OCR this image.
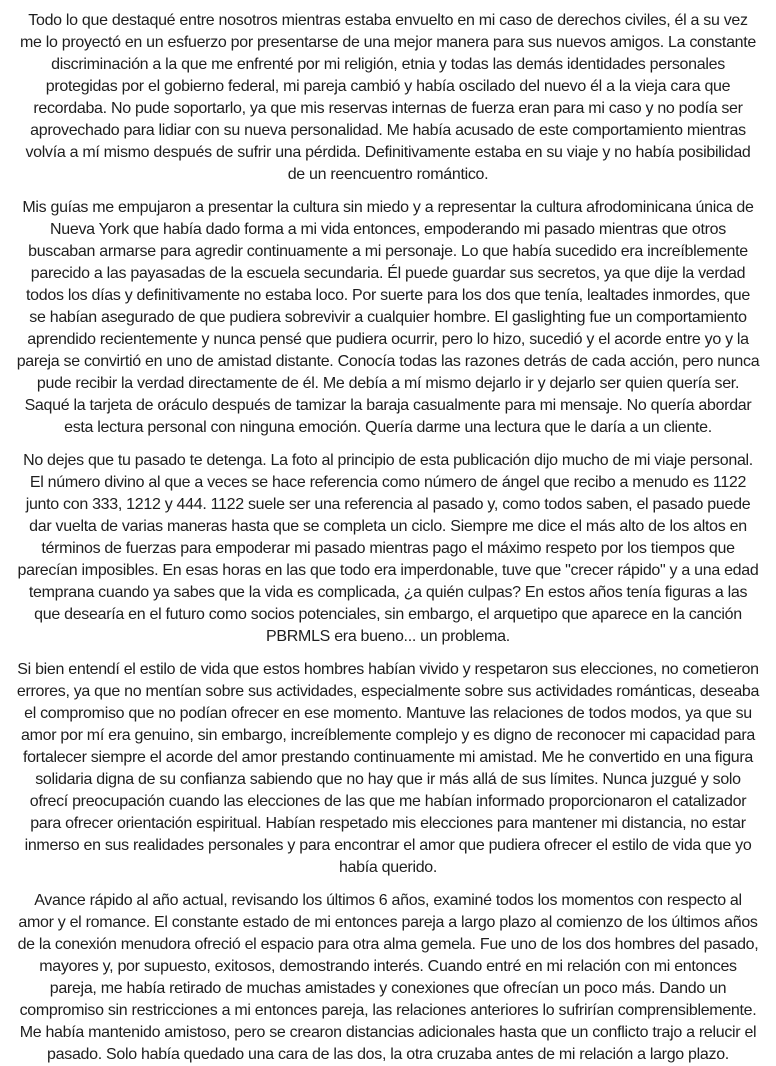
Todo lo que destaqué entre nosotros mientras estaba envuelto en mi caso de derechos civiles, él a su vez me lo proyectó en un esfuerzo por presentarse de una mejor manera para sus nuevos amigos. La constante discriminación a la que me enfrenté por mi religión, etnia y todas las demás identidades personales protegidas por el gobierno federal, mi pareja cambió y había oscilado del nuevo él a la vieja cara que recordaba. No pude soportarlo, ya que mis reservas internas de fuerza eran para mi caso y no podía ser aprovechado para lidiar con su nueva personalidad. Me había acusado de este comportamiento mientras volvía a mí mismo después de sufrir una pérdida. Definitivamente estaba en su viaje y no había posibilidad de un reencuentro romántico.

Mis guías me empujaron a presentar la cultura sin miedo y a representar la cultura afrodominicana única de Nueva York que había dado forma a mi vida entonces, empoderando mi pasado mientras que otros buscaban armarse para agredir continuamente a mi personaje. Lo que había sucedido era increíblemente parecido a las payasadas de la escuela secundaria. Él puede guardar sus secretos, ya que dije la verdad todos los días y definitivamente no estaba loco. Por suerte para los dos que tenía, lealtades inmordes, que se habían asegurado de que pudiera sobrevivir a cualquier hombre. El gaslighting fue un comportamiento aprendido recientemente y nunca pensé que pudiera ocurrir, pero lo hizo, sucedió y el acorde entre yo y la pareja se convirtió en uno de amistad distante. Conocía todas las razones detrás de cada acción, pero nunca pude recibir la verdad directamente de él. Me debía a mí mismo dejarlo ir y dejarlo ser quien quería ser. Saqué la tarjeta de oráculo después de tamizar la baraja casualmente para mi mensaje. No quería abordar esta lectura personal con ninguna emoción. Quería darme una lectura que le daría a un cliente.

No dejes que tu pasado te detenga. La foto al principio de esta publicación dijo mucho de mi viaje personal. El número divino al que a veces se hace referencia como número de ángel que recibo a menudo es 1122 junto con 333, 1212 y 444. 1122 suele ser una referencia al pasado y, como todos saben, el pasado puede dar vuelta de varias maneras hasta que se completa un ciclo. Siempre me dice el más alto de los altos en términos de fuerzas para empoderar mi pasado mientras pago el máximo respeto por los tiempos que parecían imposibles. En esas horas en las que todo era imperdonable, tuve que "crecer rápido" y a una edad temprana cuando ya sabes que la vida es complicada, ¿a quién culpas? En estos años tenía figuras a las que desearía en el futuro como socios potenciales, sin embargo, el arquetipo que aparece en la canción PBRMLS era bueno... un problema.

Si bien entendí el estilo de vida que estos hombres habían vivido y respetaron sus elecciones, no cometieron errores, ya que no mentían sobre sus actividades, especialmente sobre sus actividades románticas, deseaba el compromiso que no podían ofrecer en ese momento. Mantuve las relaciones de todos modos, ya que su amor por mí era genuino, sin embargo, increíblemente complejo y es digno de reconocer mi capacidad para fortalecer siempre el acorde del amor prestando continuamente mi amistad. Me he convertido en una figura solidaria digna de su confianza sabiendo que no hay que ir más allá de sus límites. Nunca juzgué y solo ofrecí preocupación cuando las elecciones de las que me habían informado proporcionaron el catalizador para ofrecer orientación espiritual. Habían respetado mis elecciones para mantener mi distancia, no estar inmerso en sus realidades personales y para encontrar el amor que pudiera ofrecer el estilo de vida que yo había querido.

Avance rápido al año actual, revisando los últimos 6 años, examiné todos los momentos con respecto al amor y el romance. El constante estado de mi entonces pareja a largo plazo al comienzo de los últimos años de la conexión menudora ofreció el espacio para otra alma gemela. Fue uno de los dos hombres del pasado, mayores y, por supuesto, exitosos, demostrando interés. Cuando entré en mi relación con mi entonces pareja, me había retirado de muchas amistades y conexiones que ofrecían un poco más. Dando un compromiso sin restricciones a mi entonces pareja, las relaciones anteriores lo sufrirían comprensiblemente. Me había mantenido amistoso, pero se crearon distancias adicionales hasta que un conflicto trajo a relucir el pasado. Solo había quedado una cara de las dos, la otra cruzaba antes de mi relación a largo plazo.
